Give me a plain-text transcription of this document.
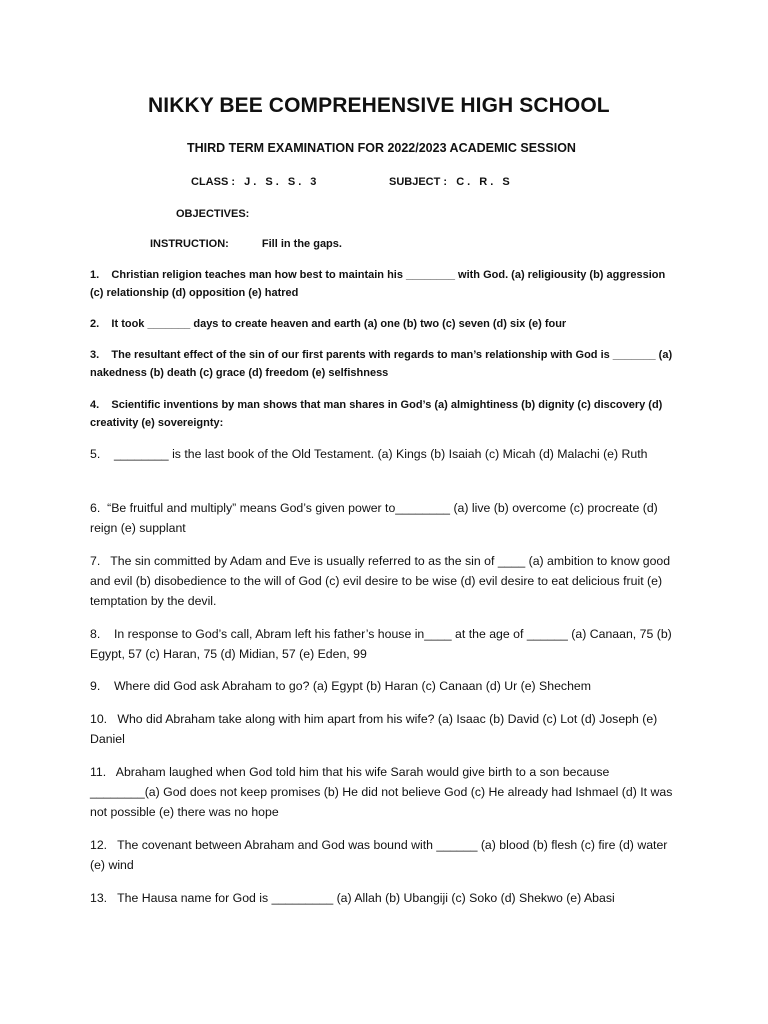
NIKKY BEE COMPREHENSIVE HIGH SCHOOL
THIRD TERM EXAMINATION FOR 2022/2023 ACADEMIC SESSION
CLASS : J. S. S. 3	SUBJECT : C. R. S
OBJECTIVES:
INSTRUCTION:	Fill in the gaps.
1. Christian religion teaches man how best to maintain his ________ with God. (a) religiousity (b) aggression (c) relationship (d) opposition (e) hatred
2. It took _______ days to create heaven and earth (a) one (b) two (c) seven (d) six (e) four
3. The resultant effect of the sin of our first parents with regards to man’s relationship with God is _______ (a) nakedness (b) death (c) grace (d) freedom (e) selfishness
4. Scientific inventions by man shows that man shares in God’s (a) almightiness (b) dignity (c) discovery (d) creativity (e) sovereignty:
5. ________ is the last book of the Old Testament. (a) Kings (b) Isaiah (c) Micah (d) Malachi (e) Ruth
6. “Be fruitful and multiply” means God’s given power to________ (a) live (b) overcome (c) procreate (d) reign (e) supplant
7. The sin committed by Adam and Eve is usually referred to as the sin of ____ (a) ambition to know good and evil (b) disobedience to the will of God (c) evil desire to be wise (d) evil desire to eat delicious fruit (e) temptation by the devil.
8. In response to God’s call, Abram left his father’s house in____ at the age of ______ (a) Canaan, 75 (b) Egypt, 57 (c) Haran, 75 (d) Midian, 57 (e) Eden, 99
9. Where did God ask Abraham to go? (a) Egypt (b) Haran (c) Canaan (d) Ur (e) Shechem
10. Who did Abraham take along with him apart from his wife? (a) Isaac (b) David (c) Lot (d) Joseph (e) Daniel
11. Abraham laughed when God told him that his wife Sarah would give birth to a son because ________(a) God does not keep promises (b) He did not believe God (c) He already had Ishmael (d) It was not possible (e) there was no hope
12. The covenant between Abraham and God was bound with ______ (a) blood (b) flesh (c) fire (d) water (e) wind
13. The Hausa name for God is _________ (a) Allah (b) Ubangiji (c) Soko (d) Shekwo (e) Abasi
